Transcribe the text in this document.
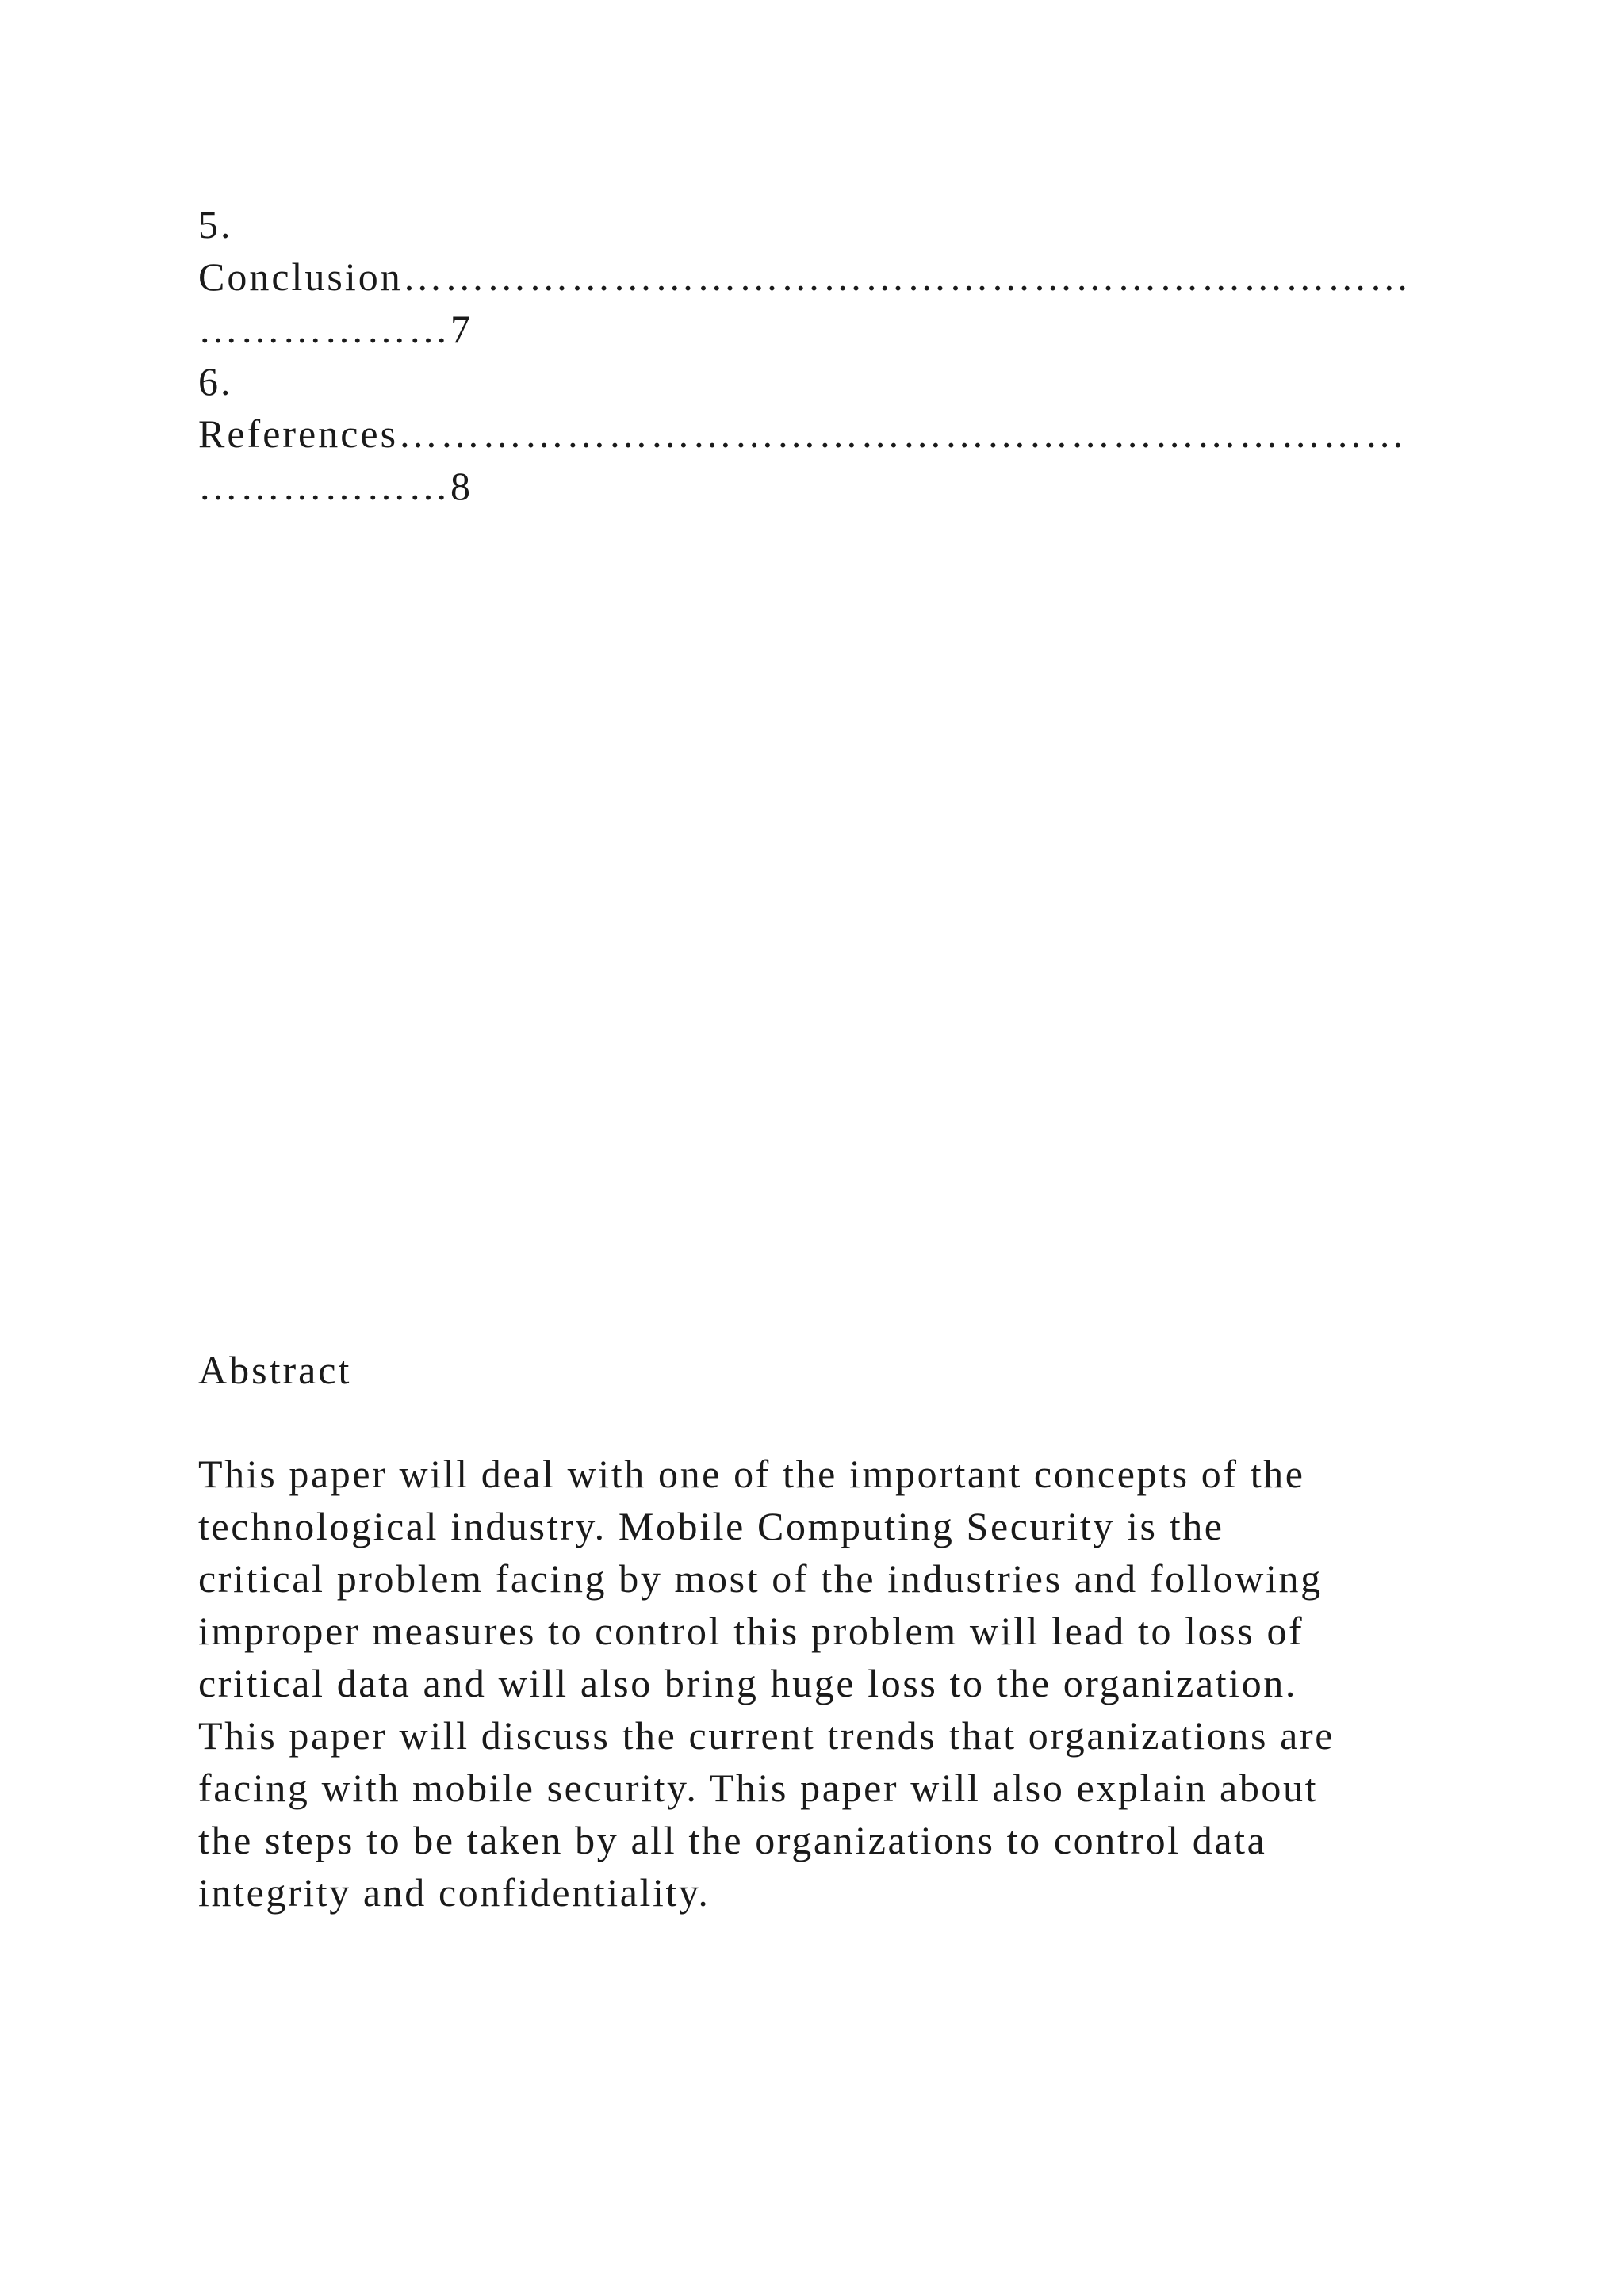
5.

Conclusion………………………………………………………………

………………7

6.

References………………………………………………………………

………………8

Abstract

This paper will deal with one of the important concepts of the
technological industry. Mobile Computing Security is the
critical problem facing by most of the industries and following
improper measures to control this problem will lead to loss of
critical data and will also bring huge loss to the organization.
This paper will discuss the current trends that organizations are
facing with mobile security. This paper will also explain about
the steps to be taken by all the organizations to control data
integrity and confidentiality.
